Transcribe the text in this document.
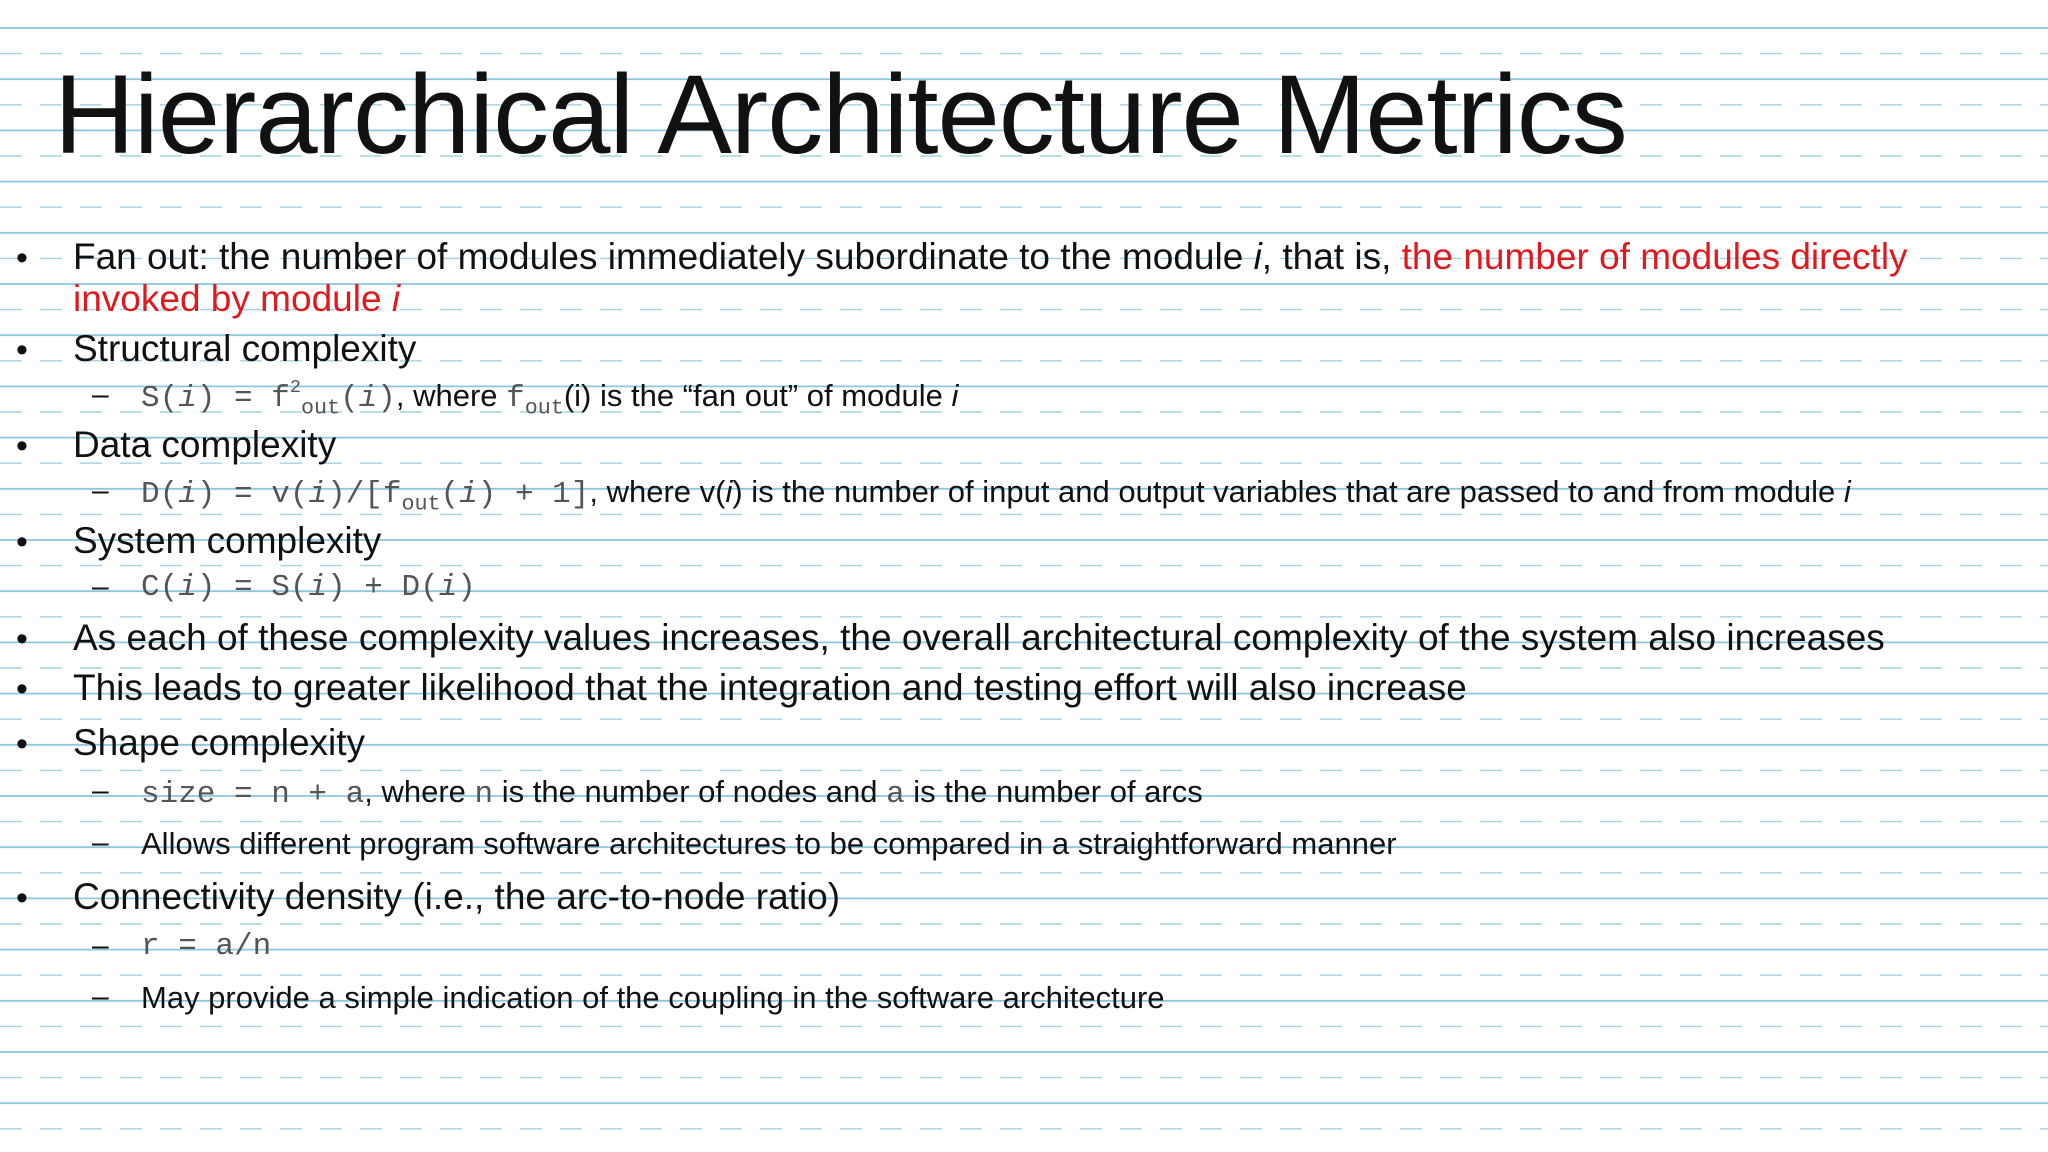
Hierarchical Architecture Metrics
• Fan out: the number of modules immediately subordinate to the module i, that is, the number of modules directly
invoked by module i
• Structural complexity
– $S(i) = f^2_{out}(i)$, where $f_{out}(i)$ is the “fan out” of module i
• Data complexity
– $D(i) = v(i)/[f_{out}(i) + 1]$, where v(i) is the number of input and output variables that are passed to and from module i
• System complexity
– C(i) = S(i) + D(i)
• As each of these complexity values increases, the overall architectural complexity of the system also increases
• This leads to greater likelihood that the integration and testing effort will also increase
• Shape complexity
– size = n + a, where n is the number of nodes and a is the number of arcs
– Allows different program software architectures to be compared in a straightforward manner
• Connectivity density (i.e., the arc-to-node ratio)
– r = a/n
– May provide a simple indication of the coupling in the software architecture
